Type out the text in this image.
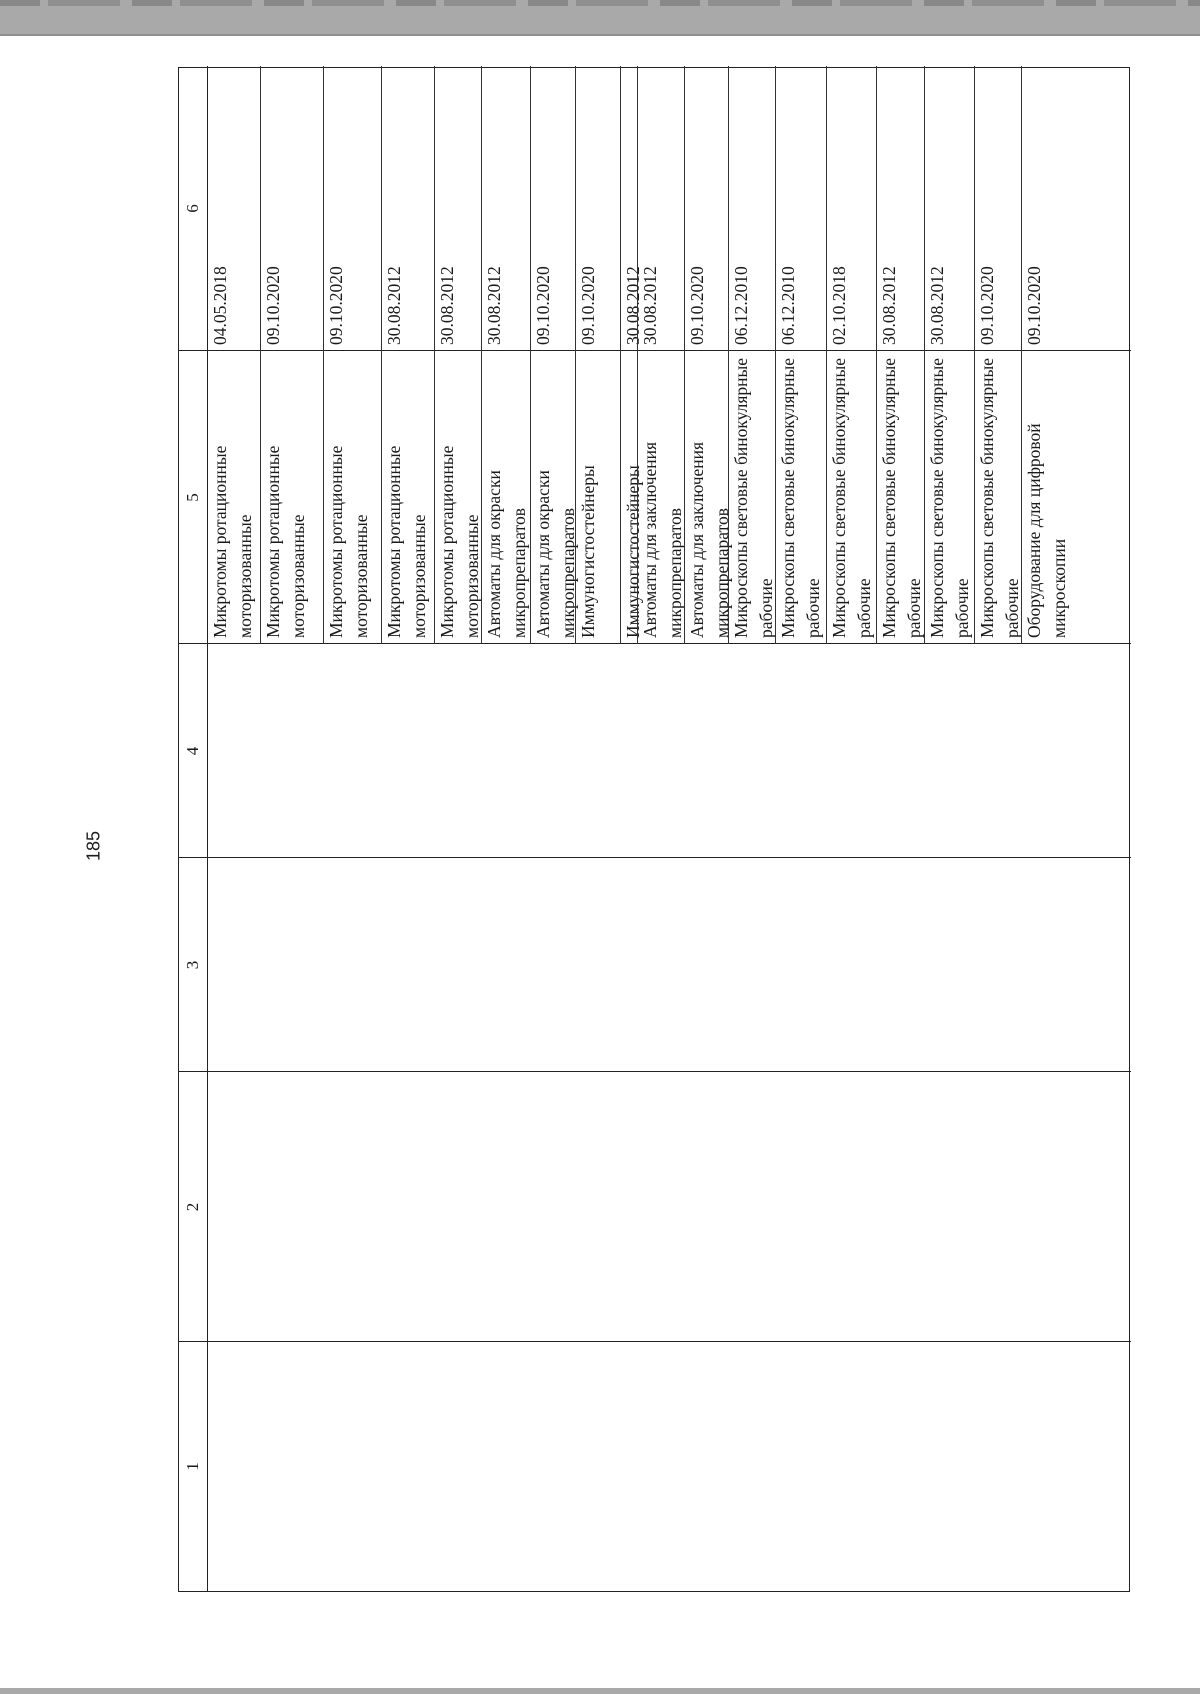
185
1
2
3
4
5
6
Микротомы ротационные моторизованные
04.05.2018
Микротомы ротационные моторизованные
09.10.2020
Микротомы ротационные моторизованные
09.10.2020
Микротомы ротационные моторизованные
30.08.2012
Микротомы ротационные моторизованные
30.08.2012
Автоматы для окраски микропрепаратов
30.08.2012
Автоматы для окраски микропрепаратов
09.10.2020
Иммуногистостейнеры
09.10.2020
Иммуногистостейнеры
30.08.2012
Автоматы для заключения микропрепаратов
30.08.2012
Автоматы для заключения микропрепаратов
09.10.2020
Микроскопы световые бинокулярные рабочие
06.12.2010
Микроскопы световые бинокулярные рабочие
06.12.2010
Микроскопы световые бинокулярные рабочие
02.10.2018
Микроскопы световые бинокулярные рабочие
30.08.2012
Микроскопы световые бинокулярные рабочие
30.08.2012
Микроскопы световые бинокулярные рабочие
09.10.2020
Оборудование для цифровой микроскопии
09.10.2020
